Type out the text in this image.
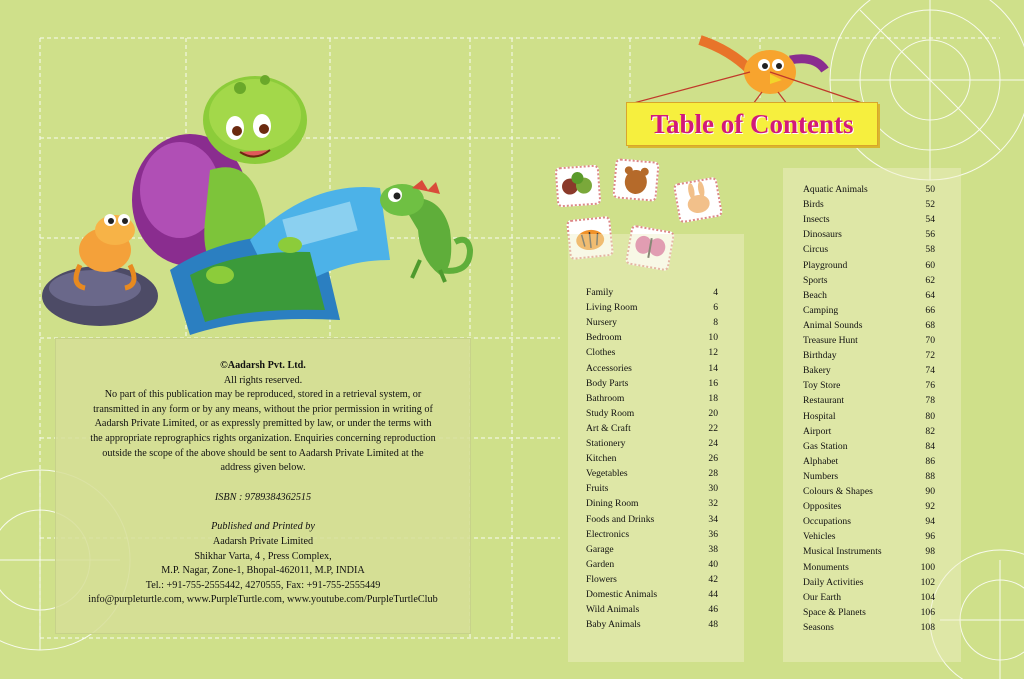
©Aadarsh Pvt. Ltd.
All rights reserved.
No part of this publication may be reproduced, stored in a retrieval system, or
transmitted in any form or by any means, without the prior permission in writing of
Aadarsh Private Limited, or as expressly premitted by law, or under the terms with
the appropriate reprographics rights organization. Enquiries concerning reproduction
outside the scope of the above should be sent to Aadarsh Private Limited at the
address given below.
ISBN : 9789384362515
Published and Printed by
Aadarsh Private Limited
Shikhar Varta, 4 , Press Complex,
M.P. Nagar, Zone-1, Bhopal-462011, M.P, INDIA
Tel.: +91-755-2555442, 4270555, Fax: +91-755-2555449
info@purpleturtle.com, www.PurpleTurtle.com, www.youtube.com/PurpleTurtleClub
Table of Contents
Family	4
Living Room	6
Nursery	8
Bedroom	10
Clothes	12
Accessories	14
Body Parts	16
Bathroom	18
Study Room	20
Art & Craft	22
Stationery	24
Kitchen	26
Vegetables	28
Fruits	30
Dining Room	32
Foods and Drinks	34
Electronics	36
Garage	38
Garden	40
Flowers	42
Domestic Animals	44
Wild Animals	46
Baby Animals	48
Aquatic Animals	50
Birds	52
Insects	54
Dinosaurs	56
Circus	58
Playground	60
Sports	62
Beach	64
Camping	66
Animal Sounds	68
Treasure Hunt	70
Birthday	72
Bakery	74
Toy Store	76
Restaurant	78
Hospital	80
Airport	82
Gas Station	84
Alphabet	86
Numbers	88
Colours & Shapes	90
Opposites	92
Occupations	94
Vehicles	96
Musical Instruments	98
Monuments	100
Daily Activities	102
Our Earth	104
Space & Planets	106
Seasons	108
